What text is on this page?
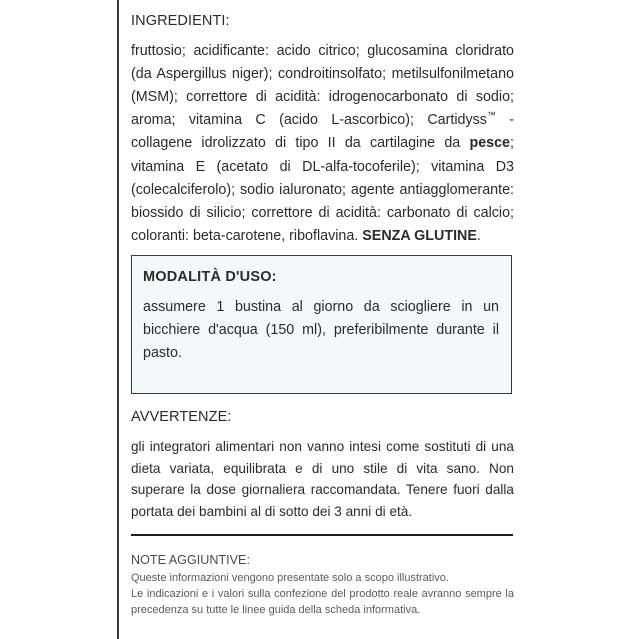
INGREDIENTI:

fruttosio; acidificante: acido citrico; glucosamina cloridrato (da Aspergillus niger); condroitinsolfato; metilsulfonilmetano (MSM); correttore di acidità: idrogenocarbonato di sodio; aroma; vitamina C (acido L-ascorbico); Cartidyss™ - collagene idrolizzato di tipo II da cartilagine da pesce; vitamina E (acetato di DL-alfa-tocoferile); vitamina D3 (colecalciferolo); sodio ialuronato; agente antiagglomerante: biossido di silicio; correttore di acidità: carbonato di calcio; coloranti: beta-carotene, riboflavina. SENZA GLUTINE.

MODALITÀ D'USO:

assumere 1 bustina al giorno da sciogliere in un bicchiere d'acqua (150 ml), preferibilmente durante il pasto.

AVVERTENZE:

gli integratori alimentari non vanno intesi come sostituti di una dieta variata, equilibrata e di uno stile di vita sano. Non superare la dose giornaliera raccomandata. Tenere fuori dalla portata dei bambini al di sotto dei 3 anni di età.

NOTE AGGIUNTIVE:

Queste informazioni vengono presentate solo a scopo illustrativo.

Le indicazioni e i valori sulla confezione del prodotto reale avranno sempre la precedenza su tutte le linee guida della scheda informativa.
